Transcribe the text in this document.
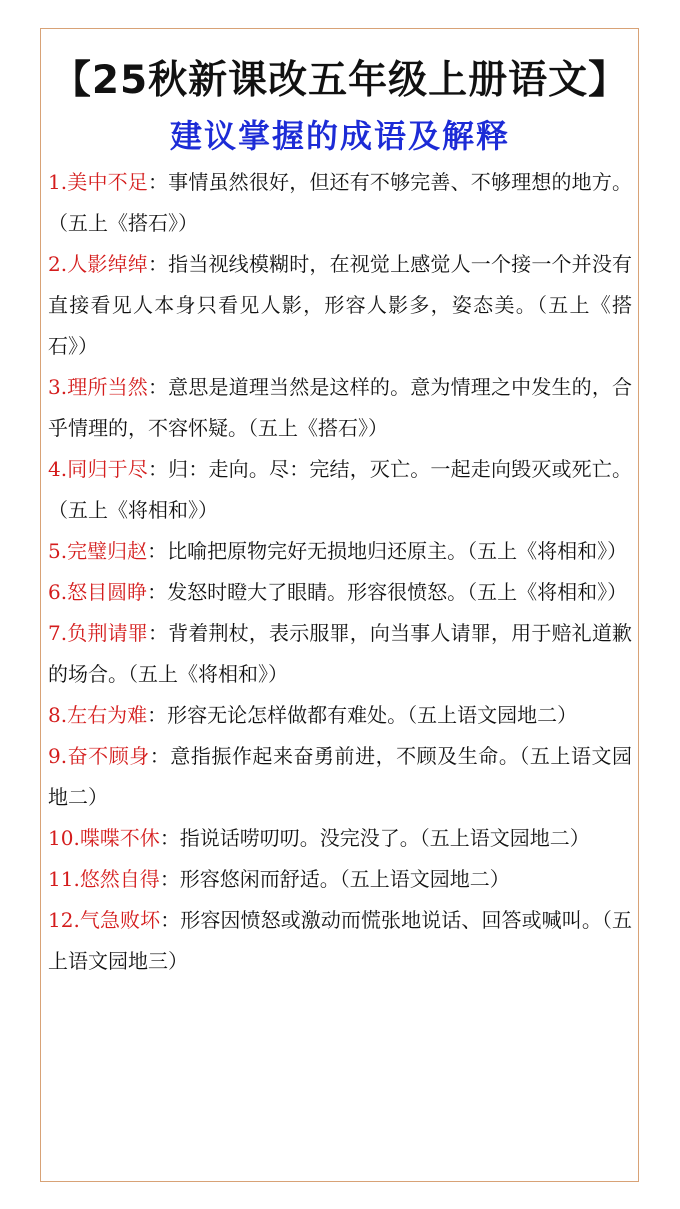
【25秋新课改五年级上册语文】
建议掌握的成语及解释

1.美中不足：事情虽然很好，但还有不够完善、不够理想的地方。（五上《搭石》）

2.人影绰绰：指当视线模糊时，在视觉上感觉人一个接一个并没有直接看见人本身只看见人影，形容人影多，姿态美。（五上《搭石》）

3.理所当然：意思是道理当然是这样的。意为情理之中发生的，合乎情理的，不容怀疑。（五上《搭石》）

4.同归于尽：归：走向。尽：完结，灭亡。一起走向毁灭或死亡。（五上《将相和》）

5.完璧归赵：比喻把原物完好无损地归还原主。（五上《将相和》）

6.怒目圆睁：发怒时瞪大了眼睛。形容很愤怒。（五上《将相和》）

7.负荆请罪：背着荆杖，表示服罪，向当事人请罪，用于赔礼道歉的场合。（五上《将相和》）

8.左右为难：形容无论怎样做都有难处。（五上语文园地二）

9.奋不顾身：意指振作起来奋勇前进，不顾及生命。（五上语文园地二）

10.喋喋不休：指说话唠叨叨。没完没了。（五上语文园地二）

11.悠然自得：形容悠闲而舒适。（五上语文园地二）

12.气急败坏：形容因愤怒或激动而慌张地说话、回答或喊叫。（五上语文园地三）
